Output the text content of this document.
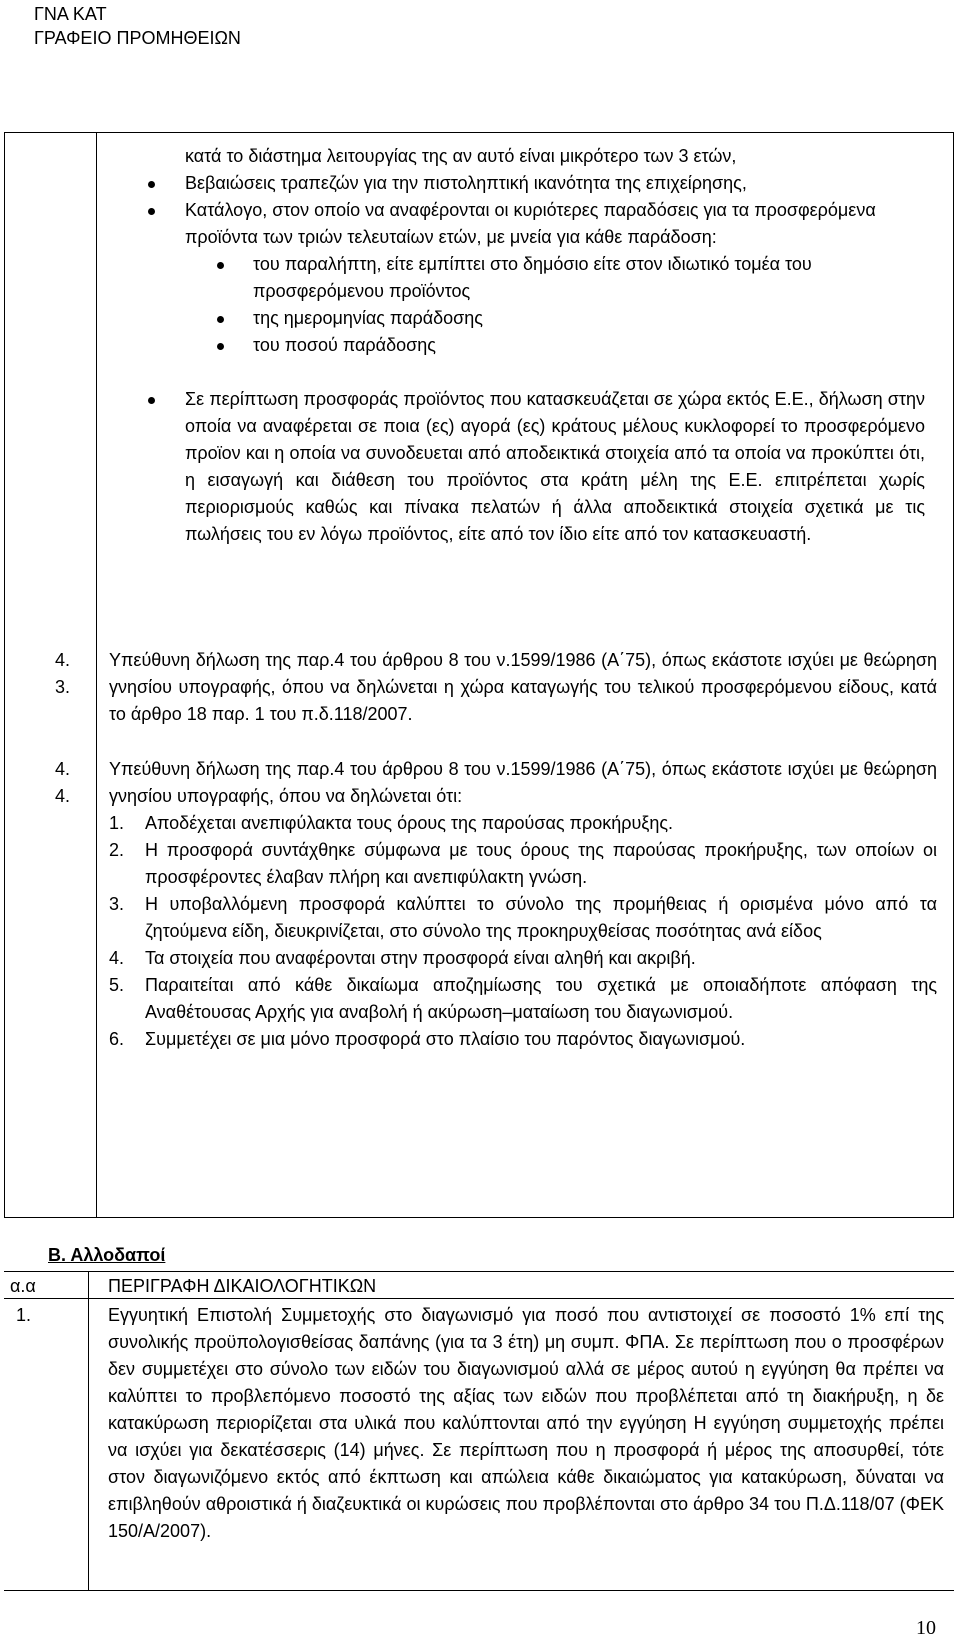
ΓΝΑ ΚΑΤ
ΓΡΑΦΕΙΟ ΠΡΟΜΗΘΕΙΩΝ

κατά το διάστημα λειτουργίας της αν αυτό είναι μικρότερο των 3 ετών,

Βεβαιώσεις τραπεζών για την πιστοληπτική ικανότητα της επιχείρησης,

Κατάλογο, στον οποίο να αναφέρονται οι κυριότερες παραδόσεις για τα προσφερόμενα προϊόντα των τριών τελευταίων ετών, με μνεία για κάθε παράδοση:

του παραλήπτη, είτε εμπίπτει στο δημόσιο είτε στον ιδιωτικό τομέα του προσφερόμενου προϊόντος

της ημερομηνίας παράδοσης

του ποσού παράδοσης

Σε περίπτωση προσφοράς προϊόντος που κατασκευάζεται σε χώρα εκτός Ε.Ε., δήλωση στην οποία να αναφέρεται σε ποια (ες) αγορά (ες) κράτους μέλους κυκλοφορεί το προσφερόμενο προϊον και η οποία να συνοδευεται από αποδεικτικά στοιχεία από τα οποία να προκύπτει ότι, η εισαγωγή και διάθεση του προϊόντος στα κράτη μέλη της Ε.Ε. επιτρέπεται χωρίς περιορισμούς καθώς και πίνακα πελατών ή άλλα αποδεικτικά στοιχεία σχετικά με τις πωλήσεις του εν λόγω προϊόντος, είτε από τον ίδιο είτε από τον κατασκευαστή.

4.
3.
Υπεύθυνη δήλωση της παρ.4 του άρθρου 8 του ν.1599/1986 (Α΄75), όπως εκάστοτε ισχύει με θεώρηση γνησίου υπογραφής, όπου να δηλώνεται η χώρα καταγωγής του τελικού προσφερόμενου είδους, κατά το άρθρο 18 παρ. 1 του π.δ.118/2007.
4.
4.

Υπεύθυνη δήλωση της παρ.4 του άρθρου 8 του ν.1599/1986 (Α΄75), όπως εκάστοτε ισχύει με θεώρηση γνησίου υπογραφής, όπου να δηλώνεται ότι:

1. Αποδέχεται ανεπιφύλακτα τους όρους της παρούσας προκήρυξης.

2. Η προσφορά συντάχθηκε σύμφωνα με τους όρους της παρούσας προκήρυξης, των οποίων οι προσφέροντες έλαβαν πλήρη και ανεπιφύλακτη γνώση.

3. Η υποβαλλόμενη προσφορά καλύπτει το σύνολο της προμήθειας ή ορισμένα μόνο από τα ζητούμενα είδη, διευκρινίζεται, στο σύνολο της προκηρυχθείσας ποσότητας ανά είδος

4. Τα στοιχεία που αναφέρονται στην προσφορά είναι αληθή και ακριβή.

5. Παραιτείται από κάθε δικαίωμα αποζημίωσης του σχετικά με οποιαδήποτε απόφαση της Αναθέτουσας Αρχής για αναβολή ή ακύρωση–ματαίωση του διαγωνισμού.

6. Συμμετέχει σε μια μόνο προσφορά στο πλαίσιο του παρόντος διαγωνισμού.

Β. Αλλοδαποί
α.α	ΠΕΡΙΓΡΑΦΗ ΔΙΚΑΙΟΛΟΓΗΤΙΚΩΝ
1.	Εγγυητική Επιστολή Συμμετοχής στο διαγωνισμό για ποσό που αντιστοιχεί σε ποσοστό 1% επί της συνολικής προϋπολογισθείσας δαπάνης (για τα 3 έτη) μη συμπ. ΦΠΑ. Σε περίπτωση που ο προσφέρων δεν συμμετέχει στο σύνολο των ειδών του διαγωνισμού αλλά σε μέρος αυτού η εγγύηση θα πρέπει να καλύπτει το προβλεπόμενο ποσοστό της αξίας των ειδών που προβλέπεται από τη διακήρυξη, η δε κατακύρωση περιορίζεται στα υλικά που καλύπτονται από την εγγύηση Η εγγύηση συμμετοχής πρέπει να ισχύει για δεκατέσσερις (14) μήνες. Σε περίπτωση που η προσφορά ή μέρος της αποσυρθεί, τότε στον διαγωνιζόμενο εκτός από έκπτωση και απώλεια κάθε δικαιώματος για κατακύρωση, δύναται να επιβληθούν αθροιστικά ή διαζευκτικά οι κυρώσεις που προβλέπονται στο άρθρο 34 του Π.Δ.118/07 (ΦΕΚ 150/Α/2007).
10
